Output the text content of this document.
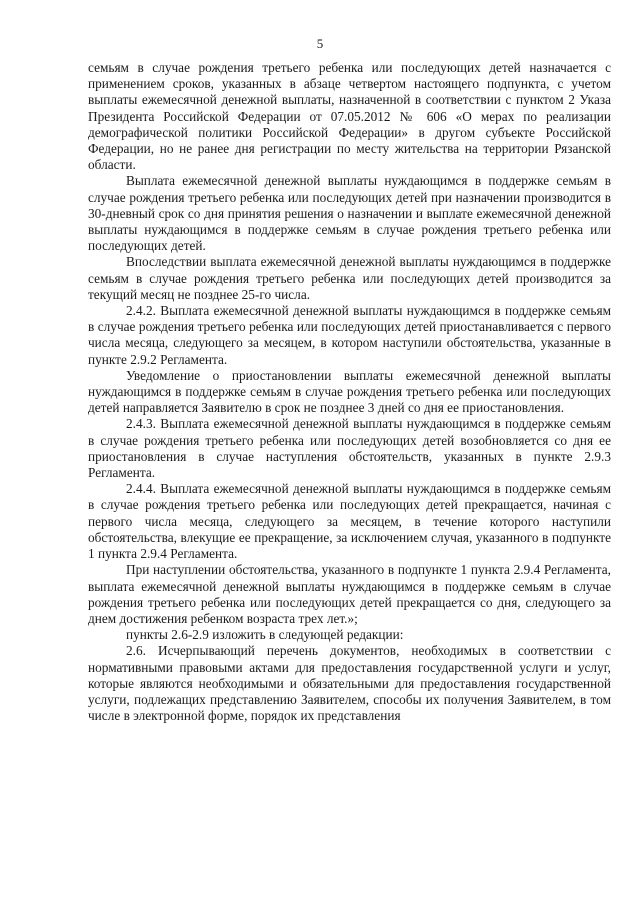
5

семьям в случае рождения третьего ребенка или последующих детей назначается с применением сроков, указанных в абзаце четвертом настоящего подпункта, с учетом выплаты ежемесячной денежной выплаты, назначенной в соответствии с пунктом 2 Указа Президента Российской Федерации от 07.05.2012 № 606 «О мерах по реализации демографической политики Российской Федерации» в другом субъекте Российской Федерации, но не ранее дня регистрации по месту жительства на территории Рязанской области.

Выплата ежемесячной денежной выплаты нуждающимся в поддержке семьям в случае рождения третьего ребенка или последующих детей при назначении производится в 30-дневный срок со дня принятия решения о назначении и выплате ежемесячной денежной выплаты нуждающимся в поддержке семьям в случае рождения третьего ребенка или последующих детей.

Впоследствии выплата ежемесячной денежной выплаты нуждающимся в поддержке семьям в случае рождения третьего ребенка или последующих детей производится за текущий месяц не позднее 25-го числа.

2.4.2. Выплата ежемесячной денежной выплаты нуждающимся в поддержке семьям в случае рождения третьего ребенка или последующих детей приостанавливается с первого числа месяца, следующего за месяцем, в котором наступили обстоятельства, указанные в пункте 2.9.2 Регламента.

Уведомление о приостановлении выплаты ежемесячной денежной выплаты нуждающимся в поддержке семьям в случае рождения третьего ребенка или последующих детей направляется Заявителю в срок не позднее 3 дней со дня ее приостановления.

2.4.3. Выплата ежемесячной денежной выплаты нуждающимся в поддержке семьям в случае рождения третьего ребенка или последующих детей возобновляется со дня ее приостановления в случае наступления обстоятельств, указанных в пункте 2.9.3 Регламента.

2.4.4. Выплата ежемесячной денежной выплаты нуждающимся в поддержке семьям в случае рождения третьего ребенка или последующих детей прекращается, начиная с первого числа месяца, следующего за месяцем, в течение которого наступили обстоятельства, влекущие ее прекращение, за исключением случая, указанного в подпункте 1 пункта 2.9.4 Регламента.

При наступлении обстоятельства, указанного в подпункте 1 пункта 2.9.4 Регламента, выплата ежемесячной денежной выплаты нуждающимся в поддержке семьям в случае рождения третьего ребенка или последующих детей прекращается со дня, следующего за днем достижения ребенком возраста трех лет.»;

пункты 2.6-2.9 изложить в следующей редакции:

2.6. Исчерпывающий перечень документов, необходимых в соответствии с нормативными правовыми актами для предоставления государственной услуги и услуг, которые являются необходимыми и обязательными для предоставления государственной услуги, подлежащих представлению Заявителем, способы их получения Заявителем, в том числе в электронной форме, порядок их представления
